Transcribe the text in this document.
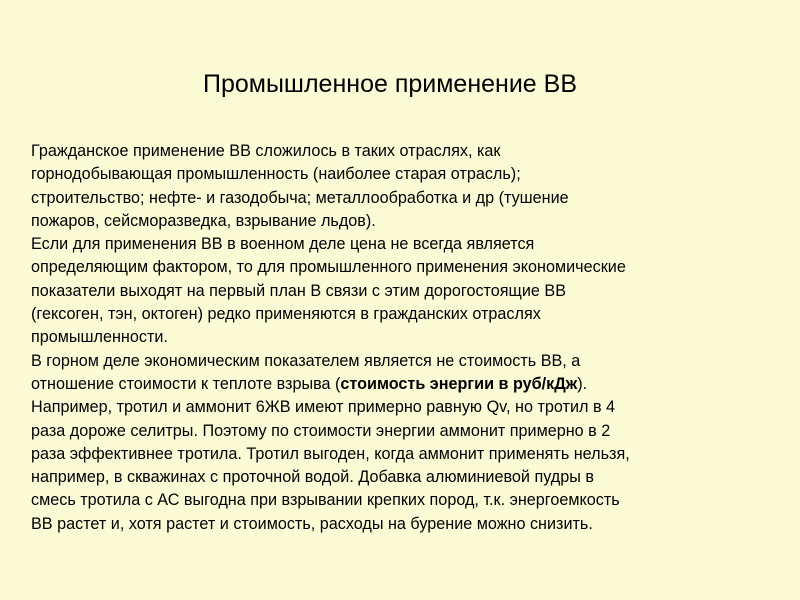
Промышленное применение ВВ
Гражданское применение ВВ сложилось в таких отраслях, как
горнодобывающая промышленность (наиболее старая отрасль);
строительство; нефте- и газодобыча; металлообработка и др (тушение
пожаров, сейсморазведка, взрывание льдов).
Если для применения ВВ в военном деле цена не всегда является
определяющим фактором, то для промышленного применения экономические
показатели выходят на первый план В связи с этим дорогостоящие ВВ
(гексоген, тэн, октоген) редко применяются в гражданских отраслях
промышленности.
В горном деле экономическим показателем является не стоимость ВВ, а
отношение стоимости к теплоте взрыва (стоимость энергии в руб/кДж).
Например, тротил и аммонит 6ЖВ имеют примерно равную Qv, но тротил в 4
раза дороже селитры. Поэтому по стоимости энергии аммонит примерно в 2
раза эффективнее тротила. Тротил выгоден, когда аммонит применять нельзя,
например, в скважинах с проточной водой. Добавка алюминиевой пудры в
смесь тротила с АС выгодна при взрывании крепких пород, т.к. энергоемкость
ВВ растет и, хотя растет и стоимость, расходы на бурение можно снизить.
